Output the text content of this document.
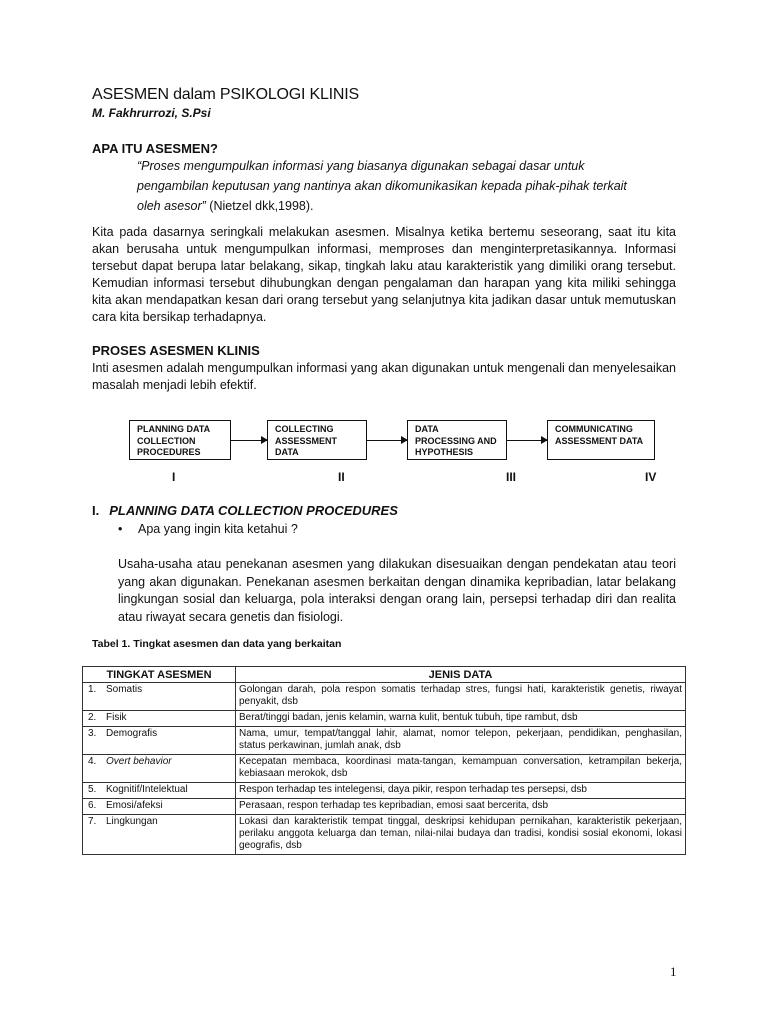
ASESMEN dalam PSIKOLOGI KLINIS
M. Fakhrurrozi, S.Psi
APA ITU ASESMEN?
“Proses mengumpulkan informasi yang biasanya digunakan sebagai dasar untuk pengambilan keputusan yang nantinya akan dikomunikasikan kepada pihak-pihak terkait oleh asesor” (Nietzel dkk,1998).
Kita pada dasarnya seringkali melakukan asesmen. Misalnya ketika bertemu seseorang, saat itu kita akan berusaha untuk mengumpulkan informasi, memproses dan menginterpretasikannya. Informasi tersebut dapat berupa latar belakang, sikap, tingkah laku atau karakteristik yang dimiliki orang tersebut. Kemudian informasi tersebut dihubungkan dengan pengalaman dan harapan yang kita miliki sehingga kita akan mendapatkan kesan dari orang tersebut yang selanjutnya kita jadikan dasar untuk memutuskan cara kita bersikap terhadapnya.
PROSES ASESMEN KLINIS
Inti asesmen adalah mengumpulkan informasi yang akan digunakan untuk mengenali dan menyelesaikan masalah menjadi lebih efektif.
PLANNING DATA COLLECTION PROCEDURES
COLLECTING ASSESSMENT DATA
DATA PROCESSING AND HYPOTHESIS
COMMUNICATING ASSESSMENT DATA
I	II	III	IV
I. PLANNING DATA COLLECTION PROCEDURES
• Apa yang ingin kita ketahui ?
Usaha-usaha atau penekanan asesmen yang dilakukan disesuaikan dengan pendekatan atau teori yang akan digunakan. Penekanan asesmen berkaitan dengan dinamika kepribadian, latar belakang lingkungan sosial dan keluarga, pola interaksi dengan orang lain, persepsi terhadap diri dan realita atau riwayat secara genetis dan fisiologi.
Tabel 1. Tingkat asesmen dan data yang berkaitan
TINGKAT ASESMEN	JENIS DATA
1. Somatis	Golongan darah, pola respon somatis terhadap stres, fungsi hati, karakteristik genetis, riwayat penyakit, dsb
2. Fisik	Berat/tinggi badan, jenis kelamin, warna kulit, bentuk tubuh, tipe rambut, dsb
3. Demografis	Nama, umur, tempat/tanggal lahir, alamat, nomor telepon, pekerjaan, pendidikan, penghasilan, status perkawinan, jumlah anak, dsb
4. Overt behavior	Kecepatan membaca, koordinasi mata-tangan, kemampuan conversation, ketrampilan bekerja, kebiasaan merokok, dsb
5. Kognitif/Intelektual	Respon terhadap tes intelegensi, daya pikir, respon terhadap tes persepsi, dsb
6. Emosi/afeksi	Perasaan, respon terhadap tes kepribadian, emosi saat bercerita, dsb
7. Lingkungan	Lokasi dan karakteristik tempat tinggal, deskripsi kehidupan pernikahan, karakteristik pekerjaan, perilaku anggota keluarga dan teman, nilai-nilai budaya dan tradisi, kondisi sosial ekonomi, lokasi geografis, dsb
1
